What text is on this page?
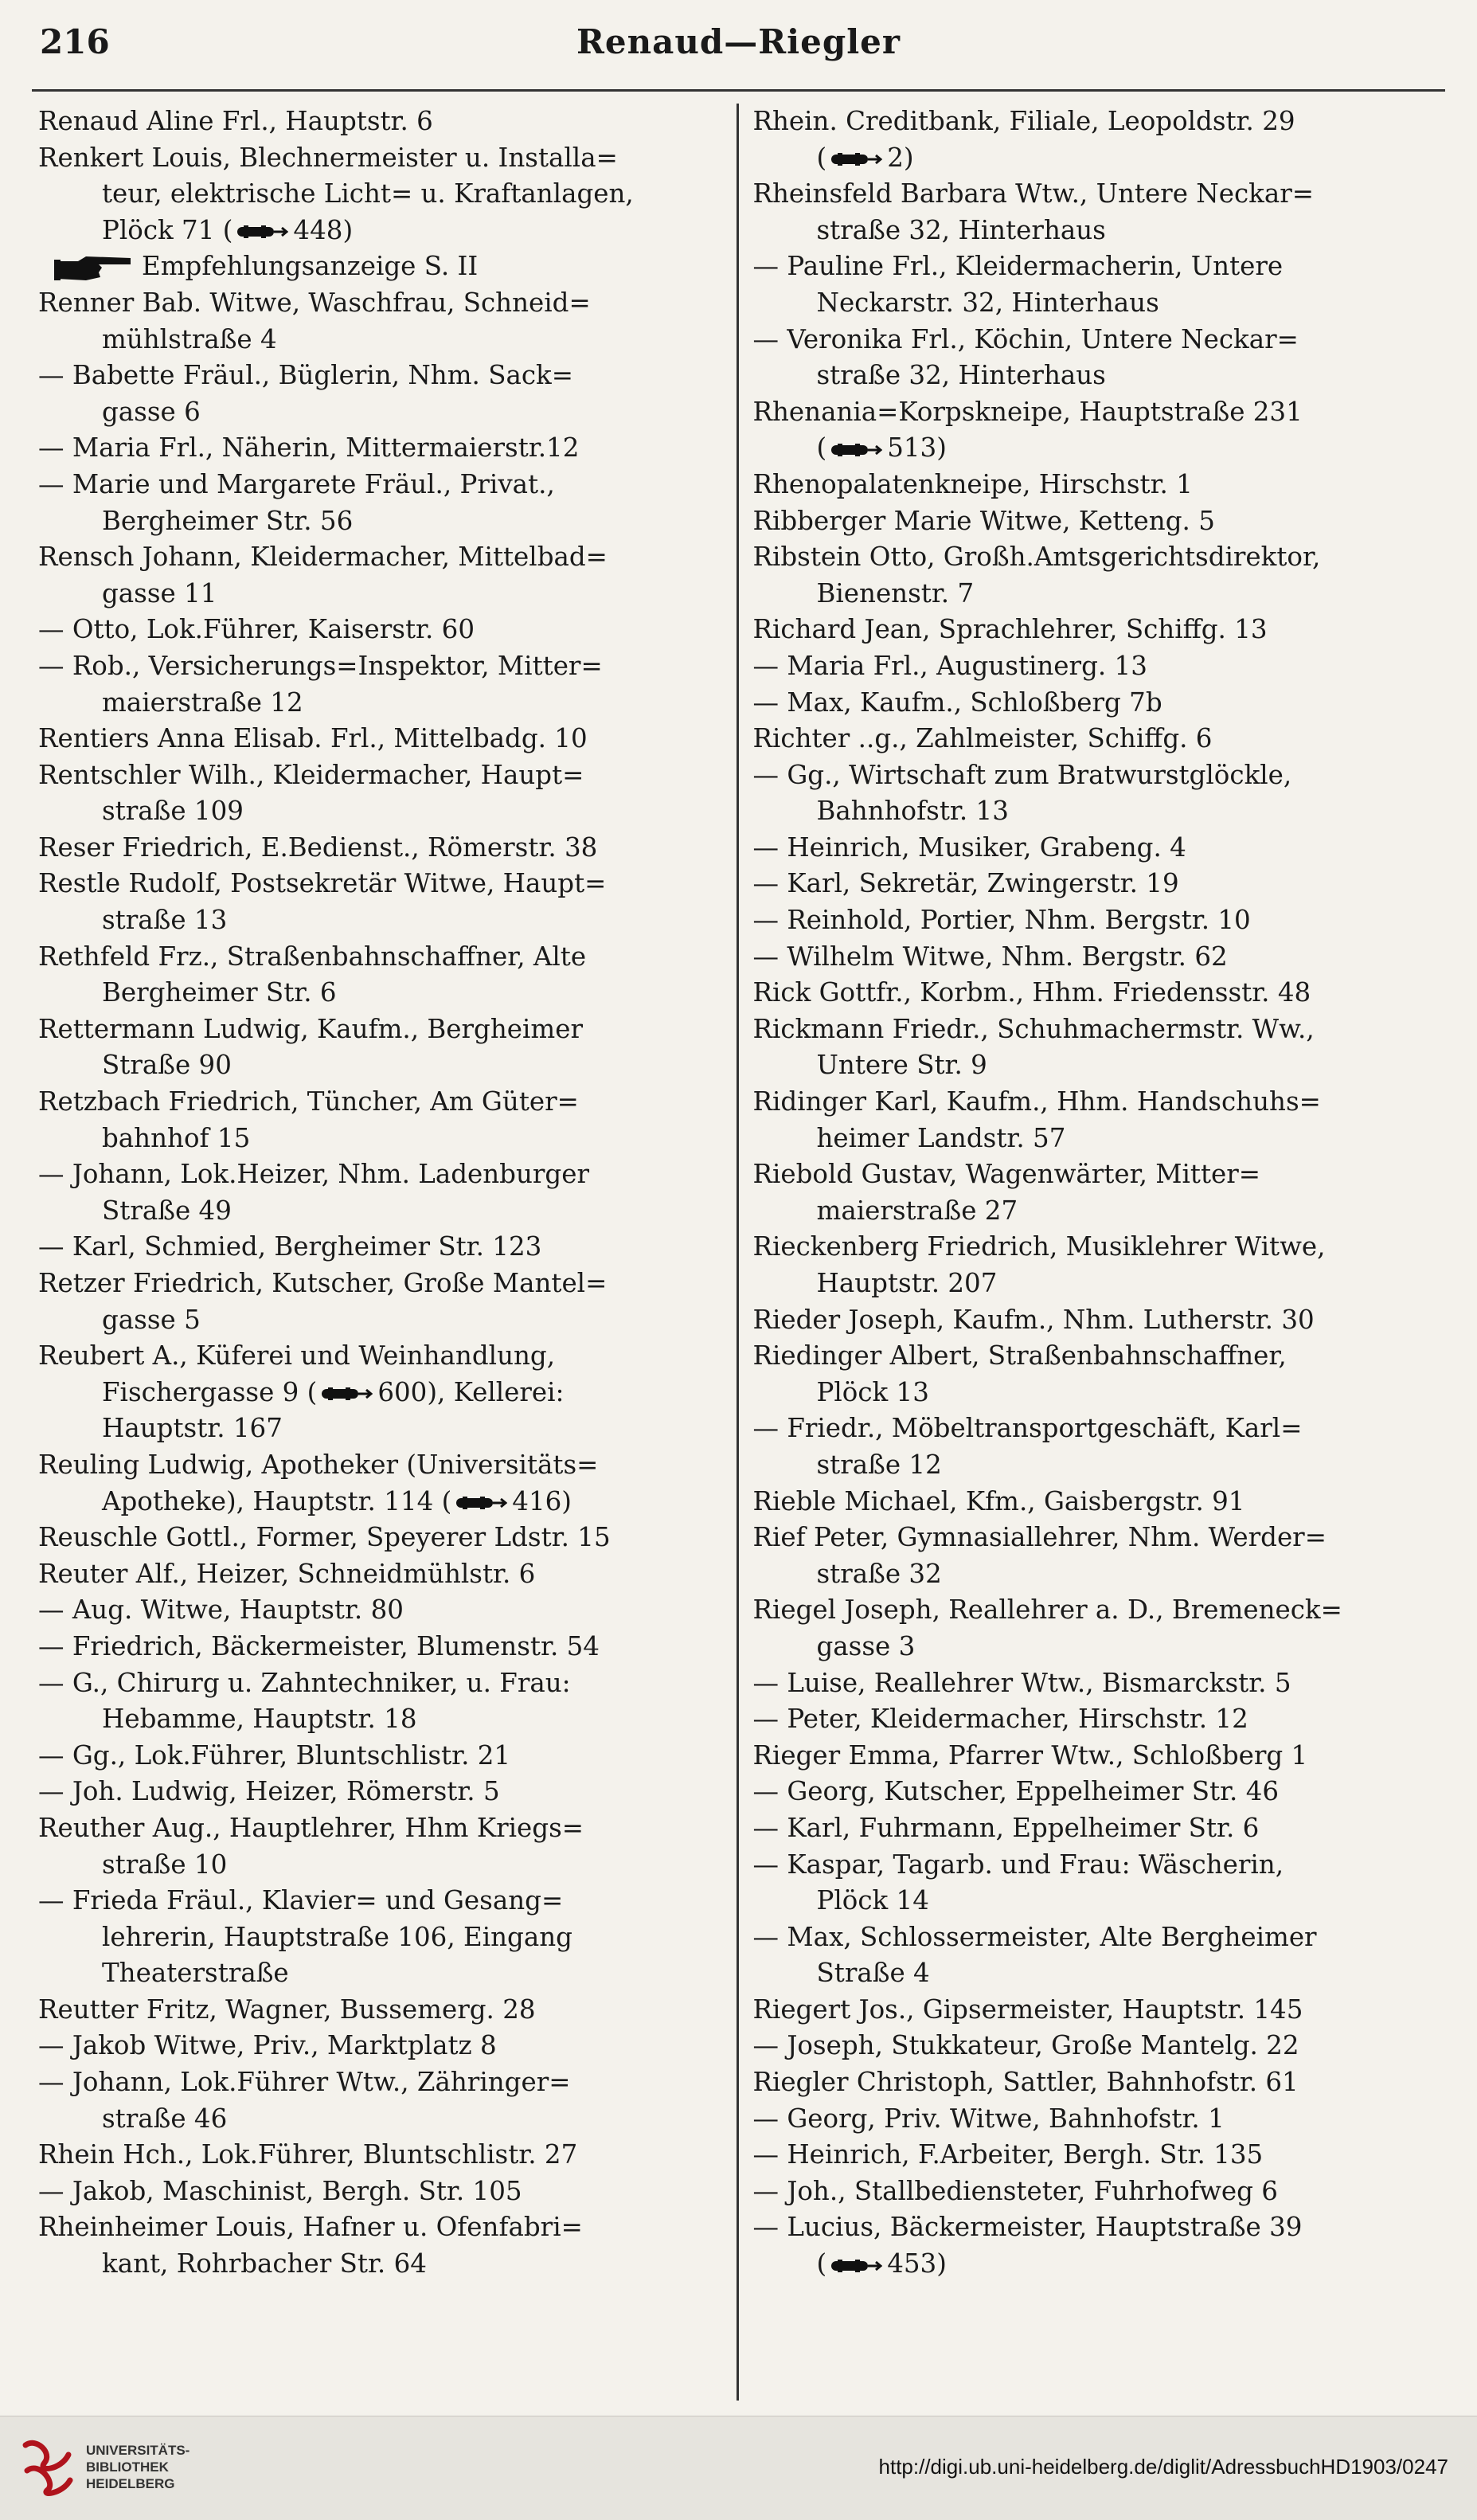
216	Renaud—Riegler
Renaud Aline Frl., Hauptstr. 6
Renkert Louis, Blechnermeister u. Installa=
teur, elektrische Licht= u. Kraftanlagen,
Plöck 71 ( 448)
Empfehlungsanzeige S. II
Renner Bab. Witwe, Waschfrau, Schneid=
mühlstraße 4
— Babette Fräul., Büglerin, Nhm. Sack=
gasse 6
— Maria Frl., Näherin, Mittermaierstr.12
— Marie und Margarete Fräul., Privat.,
Bergheimer Str. 56
Rensch Johann, Kleidermacher, Mittelbad=
gasse 11
— Otto, Lok.Führer, Kaiserstr. 60
— Rob., Versicherungs=Inspektor, Mitter=
maierstraße 12
Rentiers Anna Elisab. Frl., Mittelbadg. 10
Rentschler Wilh., Kleidermacher, Haupt=
straße 109
Reser Friedrich, E.Bedienst., Römerstr. 38
Restle Rudolf, Postsekretär Witwe, Haupt=
straße 13
Rethfeld Frz., Straßenbahnschaffner, Alte
Bergheimer Str. 6
Rettermann Ludwig, Kaufm., Bergheimer
Straße 90
Retzbach Friedrich, Tüncher, Am Güter=
bahnhof 15
— Johann, Lok.Heizer, Nhm. Ladenburger
Straße 49
— Karl, Schmied, Bergheimer Str. 123
Retzer Friedrich, Kutscher, Große Mantel=
gasse 5
Reubert A., Küferei und Weinhandlung,
Fischergasse 9 ( 600), Kellerei:
Hauptstr. 167
Reuling Ludwig, Apotheker (Universitäts=
Apotheke), Hauptstr. 114 ( 416)
Reuschle Gottl., Former, Speyerer Ldstr. 15
Reuter Alf., Heizer, Schneidmühlstr. 6
— Aug. Witwe, Hauptstr. 80
— Friedrich, Bäckermeister, Blumenstr. 54
— G., Chirurg u. Zahntechniker, u. Frau:
Hebamme, Hauptstr. 18
— Gg., Lok.Führer, Bluntschlistr. 21
— Joh. Ludwig, Heizer, Römerstr. 5
Reuther Aug., Hauptlehrer, Hhm Kriegs=
straße 10
— Frieda Fräul., Klavier= und Gesang=
lehrerin, Hauptstraße 106, Eingang
Theaterstraße
Reutter Fritz, Wagner, Bussemerg. 28
— Jakob Witwe, Priv., Marktplatz 8
— Johann, Lok.Führer Wtw., Zähringer=
straße 46
Rhein Hch., Lok.Führer, Bluntschlistr. 27
— Jakob, Maschinist, Bergh. Str. 105
Rheinheimer Louis, Hafner u. Ofenfabri=
kant, Rohrbacher Str. 64
Rhein. Creditbank, Filiale, Leopoldstr. 29
( 2)
Rheinsfeld Barbara Wtw., Untere Neckar=
straße 32, Hinterhaus
— Pauline Frl., Kleidermacherin, Untere
Neckarstr. 32, Hinterhaus
— Veronika Frl., Köchin, Untere Neckar=
straße 32, Hinterhaus
Rhenania=Korpskneipe, Hauptstraße 231
( 513)
Rhenopalatenkneipe, Hirschstr. 1
Ribberger Marie Witwe, Ketteng. 5
Ribstein Otto, Großh.Amtsgerichtsdirektor,
Bienenstr. 7
Richard Jean, Sprachlehrer, Schiffg. 13
— Maria Frl., Augustinerg. 13
— Max, Kaufm., Schloßberg 7b
Richter ..g., Zahlmeister, Schiffg. 6
— Gg., Wirtschaft zum Bratwurstglöckle,
Bahnhofstr. 13
— Heinrich, Musiker, Grabeng. 4
— Karl, Sekretär, Zwingerstr. 19
— Reinhold, Portier, Nhm. Bergstr. 10
— Wilhelm Witwe, Nhm. Bergstr. 62
Rick Gottfr., Korbm., Hhm. Friedensstr. 48
Rickmann Friedr., Schuhmachermstr. Ww.,
Untere Str. 9
Ridinger Karl, Kaufm., Hhm. Handschuhs=
heimer Landstr. 57
Riebold Gustav, Wagenwärter, Mitter=
maierstraße 27
Rieckenberg Friedrich, Musiklehrer Witwe,
Hauptstr. 207
Rieder Joseph, Kaufm., Nhm. Lutherstr. 30
Riedinger Albert, Straßenbahnschaffner,
Plöck 13
— Friedr., Möbeltransportgeschäft, Karl=
straße 12
Rieble Michael, Kfm., Gaisbergstr. 91
Rief Peter, Gymnasiallehrer, Nhm. Werder=
straße 32
Riegel Joseph, Reallehrer a. D., Bremeneck=
gasse 3
— Luise, Reallehrer Wtw., Bismarckstr. 5
— Peter, Kleidermacher, Hirschstr. 12
Rieger Emma, Pfarrer Wtw., Schloßberg 1
— Georg, Kutscher, Eppelheimer Str. 46
— Karl, Fuhrmann, Eppelheimer Str. 6
— Kaspar, Tagarb. und Frau: Wäscherin,
Plöck 14
— Max, Schlossermeister, Alte Bergheimer
Straße 4
Riegert Jos., Gipsermeister, Hauptstr. 145
— Joseph, Stukkateur, Große Mantelg. 22
Riegler Christoph, Sattler, Bahnhofstr. 61
— Georg, Priv. Witwe, Bahnhofstr. 1
— Heinrich, F.Arbeiter, Bergh. Str. 135
— Joh., Stallbedienstеter, Fuhrhofweg 6
— Lucius, Bäckermeister, Hauptstraße 39
( 453)
UNIVERSITÄTS-
BIBLIOTHEK
HEIDELBERG
http://digi.ub.uni-heidelberg.de/diglit/AdressbuchHD1903/0247
